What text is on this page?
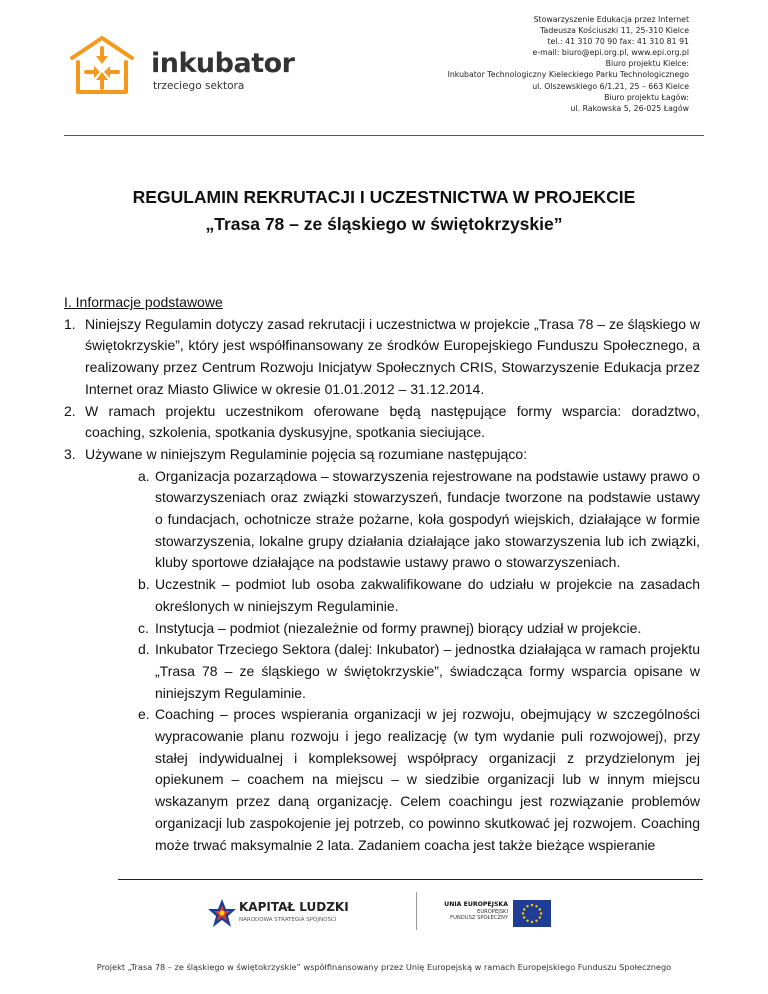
inkubator
trzeciego sektora
Stowarzyszenie Edukacja przez Internet
Tadeusza Kościuszki 11, 25-310 Kielce
tel.: 41 310 70 90 fax: 41 310 81 91
e-mail: biuro@epi.org.pl, www.epi.org.pl
Biuro projektu Kielce:
Inkubator Technologiczny Kieleckiego Parku Technologicznego
ul. Olszewskiego 6/1.21, 25 – 663 Kielce
Biuro projektu Łagów:
ul. Rakowska 5, 26-025 Łagów
REGULAMIN REKRUTACJI I UCZESTNICTWA W PROJEKCIE
„Trasa 78 – ze śląskiego w świętokrzyskie”
I. Informacje podstawowe
1. Niniejszy Regulamin dotyczy zasad rekrutacji i uczestnictwa w projekcie „Trasa 78 – ze śląskiego w świętokrzyskie”, który jest współfinansowany ze środków Europejskiego Funduszu Społecznego, a realizowany przez Centrum Rozwoju Inicjatyw Społecznych CRIS, Stowarzyszenie Edukacja przez Internet oraz Miasto Gliwice w okresie 01.01.2012 – 31.12.2014.
2. W ramach projektu uczestnikom oferowane będą następujące formy wsparcia: doradztwo, coaching, szkolenia, spotkania dyskusyjne, spotkania sieciujące.
3. Używane w niniejszym Regulaminie pojęcia są rozumiane następująco:
a. Organizacja pozarządowa – stowarzyszenia rejestrowane na podstawie ustawy prawo o stowarzyszeniach oraz związki stowarzyszeń, fundacje tworzone na podstawie ustawy o fundacjach, ochotnicze straże pożarne, koła gospodyń wiejskich, działające w formie stowarzyszenia, lokalne grupy działania działające jako stowarzyszenia lub ich związki, kluby sportowe działające na podstawie ustawy prawo o stowarzyszeniach.
b. Uczestnik – podmiot lub osoba zakwalifikowane do udziału w projekcie na zasadach określonych w niniejszym Regulaminie.
c. Instytucja – podmiot (niezależnie od formy prawnej) biorący udział w projekcie.
d. Inkubator Trzeciego Sektora (dalej: Inkubator) – jednostka działająca w ramach projektu „Trasa 78 – ze śląskiego w świętokrzyskie”, świadcząca formy wsparcia opisane w niniejszym Regulaminie.
e. Coaching – proces wspierania organizacji w jej rozwoju, obejmujący w szczególności wypracowanie planu rozwoju i jego realizację (w tym wydanie puli rozwojowej), przy stałej indywidualnej i kompleksowej współpracy organizacji z przydzielonym jej opiekunem – coachem na miejscu – w siedzibie organizacji lub w innym miejscu wskazanym przez daną organizację. Celem coachingu jest rozwiązanie problemów organizacji lub zaspokojenie jej potrzeb, co powinno skutkować jej rozwojem. Coaching może trwać maksymalnie 2 lata. Zadaniem coacha jest także bieżące wspieranie
KAPITAŁ LUDZKI
NARODOWA STRATEGIA SPÓJNOŚCI
UNIA EUROPEJSKA
EUROPEJSKI
FUNDUSZ SPOŁECZNY
Projekt „Trasa 78 – ze śląskiego w świętokrzyskie” współfinansowany przez Unię Europejską w ramach Europejskiego Funduszu Społecznego
